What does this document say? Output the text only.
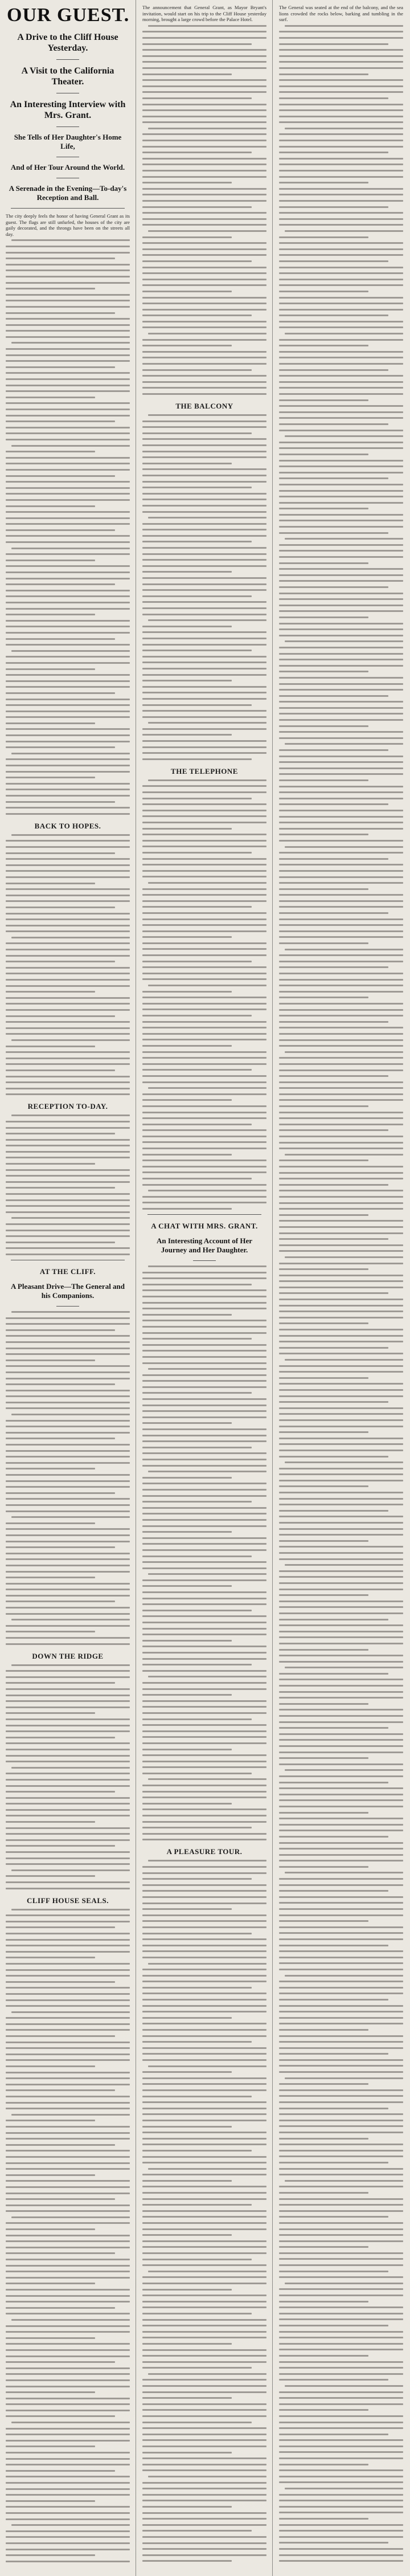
OUR GUEST.
A Drive to the Cliff House Yesterday.
A Visit to the California Theater.
An Interesting Interview with Mrs. Grant.
She Tells of Her Daughter's Home Life,
And of Her Tour Around the World.
A Serenade in the Evening—To-day's Reception and Ball.

The city deeply feels the honor of having General Grant as its guest. The flags are still unfurled, the houses of the city are gaily decorated, and the throngs have been on the streets all day.

BACK TO HOPES.
RECEPTION TO-DAY.
AT THE CLIFF.
A Pleasant Drive—The General and his Companions.
DOWN THE RIDGE
CLIFF HOUSE SEALS.

The announcement that General Grant, as Mayor Bryant's invitation, would start on his trip to the Cliff House yesterday morning, brought a large crowd before the Palace Hotel.

THE BALCONY
THE TELEPHONE
A CHAT WITH MRS. GRANT.
An Interesting Account of Her Journey and Her Daughter.
A PLEASURE TOUR.

The General was seated at the end of the balcony, and the sea lions crowded the rocks below, barking and tumbling in the surf.
